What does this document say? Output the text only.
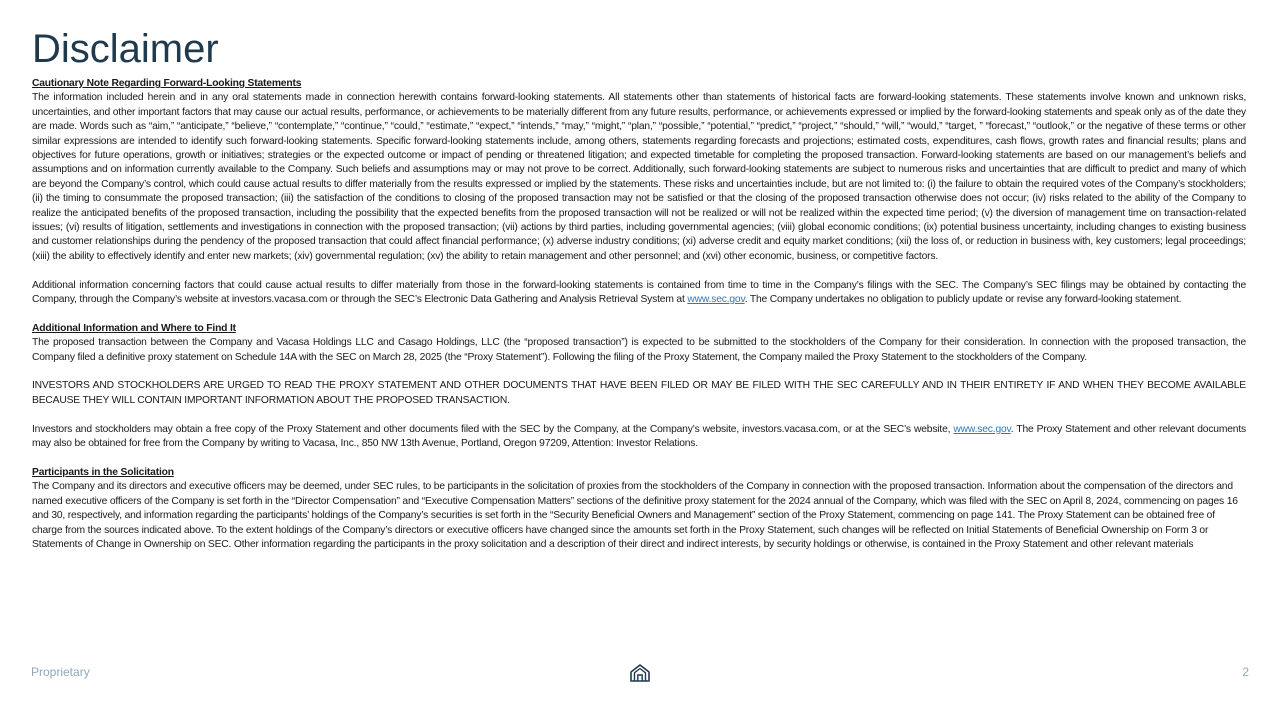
Disclaimer

Cautionary Note Regarding Forward-Looking Statements

The information included herein and in any oral statements made in connection herewith contains forward-looking statements. All statements other than statements of historical facts are forward-looking statements. These statements involve known and unknown risks, uncertainties, and other important factors that may cause our actual results, performance, or achievements to be materially different from any future results, performance, or achievements expressed or implied by the forward-looking statements and speak only as of the date they are made. Words such as “aim,” “anticipate,” “believe,” “contemplate,” “continue,” “could,” “estimate,” “expect,” “intends,” “may,” “might,” “plan,” “possible,” “potential,” “predict,” “project,” “should,” “will,” “would,” “target, ” “forecast,” “outlook,” or the negative of these terms or other similar expressions are intended to identify such forward-looking statements. Specific forward-looking statements include, among others, statements regarding forecasts and projections; estimated costs, expenditures, cash flows, growth rates and financial results; plans and objectives for future operations, growth or initiatives; strategies or the expected outcome or impact of pending or threatened litigation; and expected timetable for completing the proposed transaction. Forward-looking statements are based on our management’s beliefs and assumptions and on information currently available to the Company. Such beliefs and assumptions may or may not prove to be correct. Additionally, such forward-looking statements are subject to numerous risks and uncertainties that are difficult to predict and many of which are beyond the Company’s control, which could cause actual results to differ materially from the results expressed or implied by the statements. These risks and uncertainties include, but are not limited to: (i) the failure to obtain the required votes of the Company’s stockholders; (ii) the timing to consummate the proposed transaction; (iii) the satisfaction of the conditions to closing of the proposed transaction may not be satisfied or that the closing of the proposed transaction otherwise does not occur; (iv) risks related to the ability of the Company to realize the anticipated benefits of the proposed transaction, including the possibility that the expected benefits from the proposed transaction will not be realized or will not be realized within the expected time period; (v) the diversion of management time on transaction-related issues; (vi) results of litigation, settlements and investigations in connection with the proposed transaction; (vii) actions by third parties, including governmental agencies; (viii) global economic conditions; (ix) potential business uncertainty, including changes to existing business and customer relationships during the pendency of the proposed transaction that could affect financial performance; (x) adverse industry conditions; (xi) adverse credit and equity market conditions; (xii) the loss of, or reduction in business with, key customers; legal proceedings; (xiii) the ability to effectively identify and enter new markets; (xiv) governmental regulation; (xv) the ability to retain management and other personnel; and (xvi) other economic, business, or competitive factors.

Additional information concerning factors that could cause actual results to differ materially from those in the forward-looking statements is contained from time to time in the Company’s filings with the SEC. The Company’s SEC filings may be obtained by contacting the Company, through the Company’s website at investors.vacasa.com or through the SEC’s Electronic Data Gathering and Analysis Retrieval System at www.sec.gov. The Company undertakes no obligation to publicly update or revise any forward-looking statement.

Additional Information and Where to Find It

The proposed transaction between the Company and Vacasa Holdings LLC and Casago Holdings, LLC (the “proposed transaction”) is expected to be submitted to the stockholders of the Company for their consideration. In connection with the proposed transaction, the Company filed a definitive proxy statement on Schedule 14A with the SEC on March 28, 2025 (the “Proxy Statement”). Following the filing of the Proxy Statement, the Company mailed the Proxy Statement to the stockholders of the Company.

INVESTORS AND STOCKHOLDERS ARE URGED TO READ THE PROXY STATEMENT AND OTHER DOCUMENTS THAT HAVE BEEN FILED OR MAY BE FILED WITH THE SEC CAREFULLY AND IN THEIR ENTIRETY IF AND WHEN THEY BECOME AVAILABLE BECAUSE THEY WILL CONTAIN IMPORTANT INFORMATION ABOUT THE PROPOSED TRANSACTION.

Investors and stockholders may obtain a free copy of the Proxy Statement and other documents filed with the SEC by the Company, at the Company’s website, investors.vacasa.com, or at the SEC’s website, www.sec.gov. The Proxy Statement and other relevant documents may also be obtained for free from the Company by writing to Vacasa, Inc., 850 NW 13th Avenue, Portland, Oregon 97209, Attention: Investor Relations.

Participants in the Solicitation

The Company and its directors and executive officers may be deemed, under SEC rules, to be participants in the solicitation of proxies from the stockholders of the Company in connection with the proposed transaction. Information about the compensation of the directors and named executive officers of the Company is set forth in the “Director Compensation” and “Executive Compensation Matters” sections of the definitive proxy statement for the 2024 annual of the Company, which was filed with the SEC on April 8, 2024, commencing on pages 16 and 30, respectively, and information regarding the participants’ holdings of the Company’s securities is set forth in the “Security Beneficial Owners and Management” section of the Proxy Statement, commencing on page 141. The Proxy Statement can be obtained free of charge from the sources indicated above. To the extent holdings of the Company’s directors or executive officers have changed since the amounts set forth in the Proxy Statement, such changes will be reflected on Initial Statements of Beneficial Ownership on Form 3 or Statements of Change in Ownership on SEC. Other information regarding the participants in the proxy solicitation and a description of their direct and indirect interests, by security holdings or otherwise, is contained in the Proxy Statement and other relevant materials

Proprietary	2
